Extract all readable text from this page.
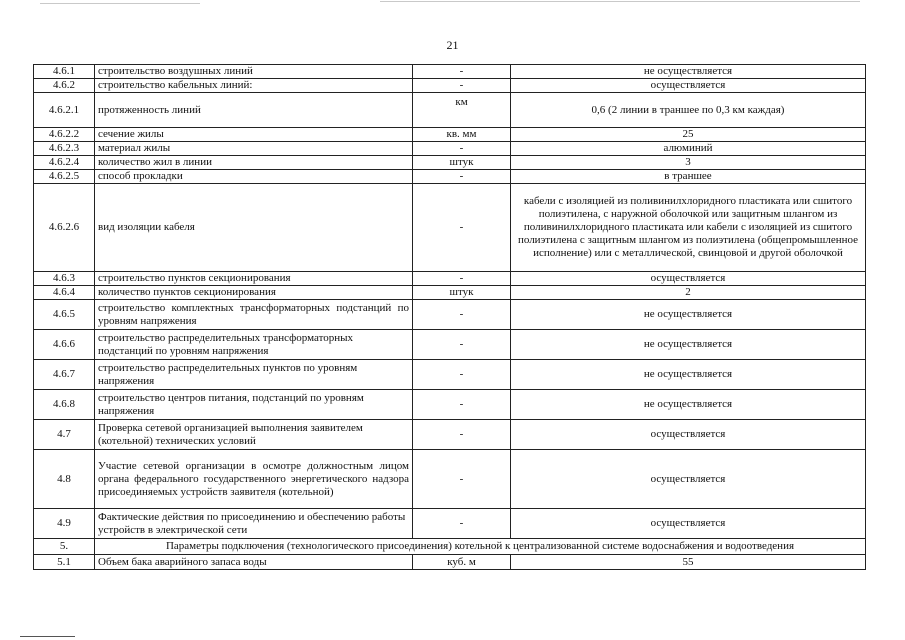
21
4.6.1	строительство воздушных линий	-	не осуществляется
4.6.2	строительство кабельных линий:	-	осуществляется
4.6.2.1	протяженность линий	км	0,6 (2 линии в траншее по 0,3 км каждая)
4.6.2.2	сечение жилы	кв. мм	25
4.6.2.3	материал жилы	-	алюминий
4.6.2.4	количество жил в линии	штук	3
4.6.2.5	способ прокладки	-	в траншее
4.6.2.6	вид изоляции кабеля	-	кабели с изоляцией из поливинилхлоридного пластиката или сшитого полиэтилена, с наружной оболочкой или защитным шлангом из поливинилхлоридного пластиката или кабели с изоляцией из сшитого полиэтилена с защитным шлангом из полиэтилена (общепромышленное исполнение) или с металлической, свинцовой и другой оболочкой
4.6.3	строительство пунктов секционирования	-	осуществляется
4.6.4	количество пунктов секционирования	штук	2
4.6.5	строительство комплектных трансформаторных подстанций по уровням напряжения	-	не осуществляется
4.6.6	строительство распределительных трансформаторных подстанций по уровням напряжения	-	не осуществляется
4.6.7	строительство распределительных пунктов по уровням напряжения	-	не осуществляется
4.6.8	строительство центров питания, подстанций по уровням напряжения	-	не осуществляется
4.7	Проверка сетевой организацией выполнения заявителем (котельной) технических условий	-	осуществляется
4.8	Участие сетевой организации в осмотре должностным лицом органа федерального государственного энергетического надзора присоединяемых устройств заявителя (котельной)	-	осуществляется
4.9	Фактические действия по присоединению и обеспечению работы устройств в электрической сети	-	осуществляется
5.	Параметры подключения (технологического присоединения) котельной к централизованной системе водоснабжения и водоотведения		
5.1	Объем бака аварийного запаса воды	куб. м	55
